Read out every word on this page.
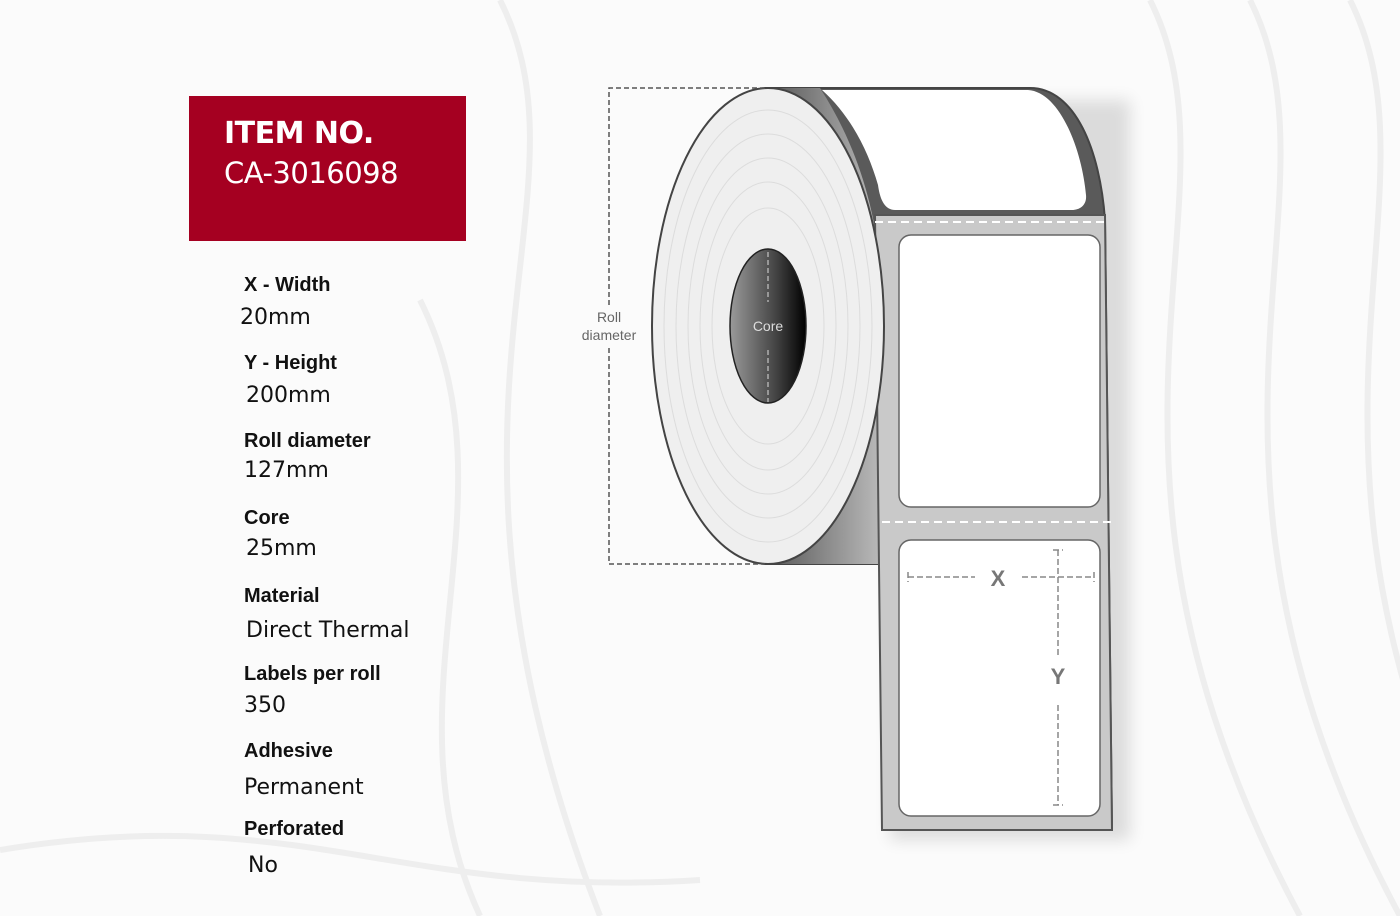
ITEM NO.
CA-3016098
X - Width
20mm
Y - Height
200mm
Roll diameter
127mm
Core
25mm
Material
Direct Thermal
Labels per roll
350
Adhesive
Permanent
Perforated
No
Core
Roll
diameter
X
Y
